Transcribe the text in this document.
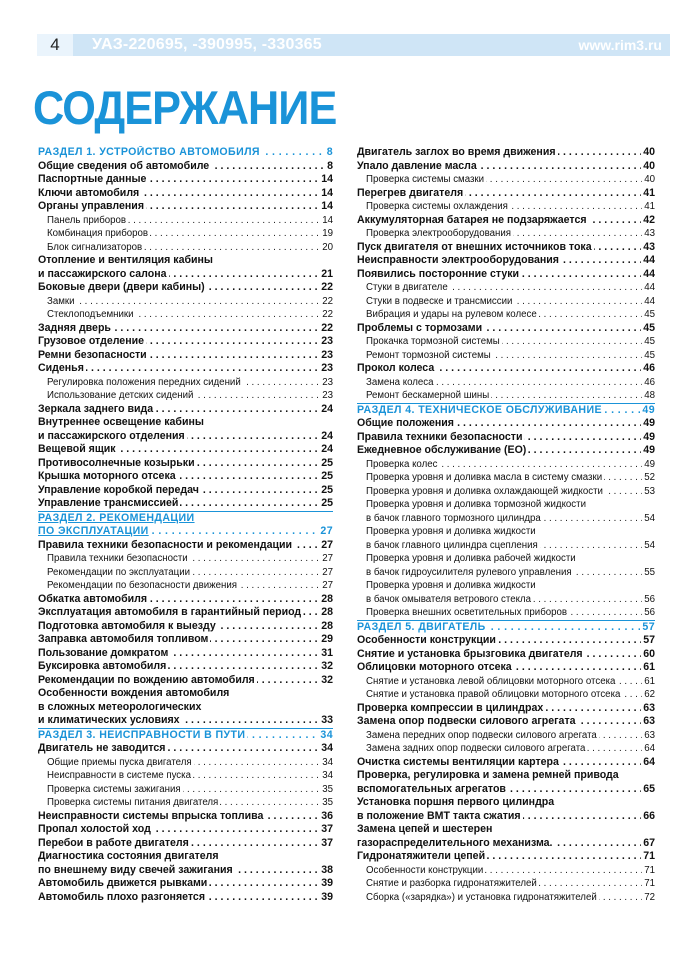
4	УАЗ-220695, -390995, -330365	www.rim3.ru
СОДЕРЖАНИЕ
РАЗДЕЛ 1. УСТРОЙСТВО АВТОМОБИЛЯ	8
. . .
Общие сведения об автомобиле	8
. . .
Паспортные данные	14
. . .
Ключи автомобиля	14
. . .
Органы управления	14
. . .
Панель приборов	14
. . .
Комбинация приборов	19
. . .
Блок сигнализаторов	20
. . .
Отопление и вентиляция кабины
и пассажирского салона	21
. . .
Боковые двери (двери кабины)	22
. . .
Замки	22
. . .
Стеклоподъемники	22
. . .
Задняя дверь	22
. . .
Грузовое отделение	23
. . .
Ремни безопасности	23
. . .
Сиденья	23
. . .
Регулировка положения передних сидений	23
. . .
Использование детских сидений	23
. . .
Зеркала заднего вида	24
. . .
Внутреннее освещение кабины
и пассажирского отделения	24
. . .
Вещевой ящик	24
. . .
Противосолнечные козырьки	25
. . .
Крышка моторного отсека	25
. . .
Управление коробкой передач	25
. . .
Управление трансмиссией	25
. . .
РАЗДЕЛ 2. РЕКОМЕНДАЦИИ
ПО ЭКСПЛУАТАЦИИ	27
. . .
Правила техники безопасности и рекомендации	27
. . .
Правила техники безопасности	27
. . .
Рекомендации по эксплуатации	27
. . .
Рекомендации по безопасности движения	27
. . .
Обкатка автомобиля	28
. . .
Эксплуатация автомобиля в гарантийный период 28
. . .
Подготовка автомобиля к выезду	28
. . .
Заправка автомобиля топливом	29
. . .
Пользование домкратом	31
. . .
Буксировка автомобиля	32
. . .
Рекомендации по вождению автомобиля	32
. . .
Особенности вождения автомобиля
в сложных метеорологических
и климатических условиях	33
. . .
РАЗДЕЛ 3. НЕИСПРАВНОСТИ В ПУТИ	34
. . .
Двигатель не заводится	34
. . .
Общие приемы пуска двигателя	34
. . .
Неисправности в системе пуска	34
. . .
Проверка системы зажигания	35
. . .
Проверка системы питания двигателя	35
. . .
Неисправности системы впрыска топлива	36
. . .
Пропал холостой ход	37
. . .
Перебои в работе двигателя	37
. . .
Диагностика состояния двигателя
по внешнему виду свечей зажигания	38
. . .
Автомобиль движется рывками	39
. . .
Автомобиль плохо разгоняется	39
. . .
Двигатель заглох во время движения	40
. . .
Упало давление масла	40
. . .
Проверка системы смазки	40
. . .
Перегрев двигателя	41
. . .
Проверка системы охлаждения	41
. . .
Аккумуляторная батарея не подзаряжается	42
. . .
Проверка электрооборудования	43
. . .
Пуск двигателя от внешних источников тока	43
. . .
Неисправности электрооборудования	44
. . .
Появились посторонние стуки	44
. . .
Стуки в двигателе	44
. . .
Стуки в подвеске и трансмиссии	44
. . .
Вибрация и удары на рулевом колесе	45
. . .
Проблемы с тормозами	45
. . .
Прокачка тормозной системы	45
. . .
Ремонт тормозной системы	45
. . .
Прокол колеса	46
. . .
Замена колеса	46
. . .
Ремонт бескамерной шины	48
. . .
РАЗДЕЛ 4. ТЕХНИЧЕСКОЕ ОБСЛУЖИВАНИЕ	49
. . .
Общие положения	49
. . .
Правила техники безопасности	49
. . .
Ежедневное обслуживание (ЕО)	49
. . .
Проверка колес	49
. . .
Проверка уровня и доливка масла в систему смазки	52
. . .
Проверка уровня и доливка охлаждающей жидкости	53
. . .
Проверка уровня и доливка тормозной жидкости
в бачок главного тормозного цилиндра	54
. . .
Проверка уровня и доливка жидкости
в бачок главного цилиндра сцепления	54
. . .
Проверка уровня и доливка рабочей жидкости
в бачок гидроусилителя рулевого управления	55
. . .
Проверка уровня и доливка жидкости
в бачок омывателя ветрового стекла	56
. . .
Проверка внешних осветительных приборов	56
. . .
РАЗДЕЛ 5. ДВИГАТЕЛЬ	57
. . .
Особенности конструкции	57
. . .
Снятие и установка брызговика двигателя	60
. . .
Облицовки моторного отсека	61
. . .
Снятие и установка левой облицовки моторного отсека	61
. . .
Снятие и установка правой облицовки моторного отсека 62
. . .
Проверка компрессии в цилиндрах	63
. . .
Замена опор подвески силового агрегата	63
. . .
Замена передних опор подвески силового агрегата	63
. . .
Замена задних опор подвески силового агрегата	64
. . .
Очистка системы вентиляции картера	64
. . .
Проверка, регулировка и замена ремней привода
вспомогательных агрегатов	65
. . .
Установка поршня первого цилиндра
в положение ВМТ такта сжатия	66
. . .
Замена цепей и шестерен
газораспределительного механизма.	67
. . .
Гидронатяжители цепей	71
. . .
Особенности конструкции	71
. . .
Снятие и разборка гидронатяжителей	71
. . .
Сборка («зарядка») и установка гидронатяжителей	72
. . .
